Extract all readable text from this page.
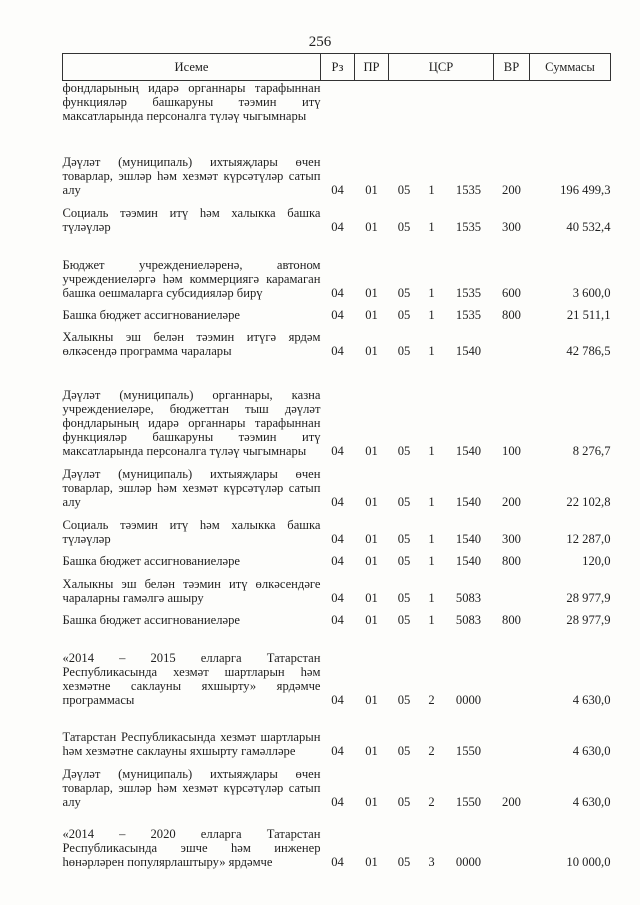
256
Исеме	Рз	ПР	ЦСР			ВР	Суммасы
фондларының идарә органнары тарафыннан функцияләр башкаруны тәэмин итү максатларында персоналга түләү чыгымнары							
Дәүләт (муниципаль) ихтыяҗлары өчен товарлар, эшләр һәм хезмәт күрсәтүләр сатып алу	04	01	05	1	1535	200	196 499,3
Социаль тәэмин итү һәм халыкка башка түләүләр	04	01	05	1	1535	300	40 532,4
Бюджет учреждениеләренә, автоном учреждениеләргә һәм коммерциягә карамаган башка оешмаларга субсидияләр бирү	04	01	05	1	1535	600	3 600,0
Башка бюджет ассигнованиеләре	04	01	05	1	1535	800	21 511,1
Халыкны эш белән тәэмин итүгә ярдәм өлкәсендә программа чаралары	04	01	05	1	1540		42 786,5
Дәүләт (муниципаль) органнары, казна учреждениеләре, бюджеттан тыш дәүләт фондларының идарә органнары тарафыннан функцияләр башкаруны тәэмин итү максатларында персоналга түләү чыгымнары	04	01	05	1	1540	100	8 276,7
Дәүләт (муниципаль) ихтыяҗлары өчен товарлар, эшләр һәм хезмәт күрсәтүләр сатып алу	04	01	05	1	1540	200	22 102,8
Социаль тәэмин итү һәм халыкка башка түләүләр	04	01	05	1	1540	300	12 287,0
Башка бюджет ассигнованиеләре	04	01	05	1	1540	800	120,0
Халыкны эш белән тәэмин итү өлкәсендәге чараларны гамәлгә ашыру	04	01	05	1	5083		28 977,9
Башка бюджет ассигнованиеләре	04	01	05	1	5083	800	28 977,9
«2014 – 2015 елларга Татарстан Республикасында хезмәт шартларын һәм хезмәтне саклауны яхшырту» ярдәмче программасы	04	01	05	2	0000		4 630,0
Татарстан Республикасында хезмәт шартларын һәм хезмәтне саклауны яхшырту гамәлләре	04	01	05	2	1550		4 630,0
Дәүләт (муниципаль) ихтыяҗлары өчен товарлар, эшләр һәм хезмәт күрсәтүләр сатып алу	04	01	05	2	1550	200	4 630,0
«2014 – 2020 елларга Татарстан Республикасында эшче һәм инженер һөнәрләрен популярлаштыру» ярдәмче	04	01	05	3	0000		10 000,0
